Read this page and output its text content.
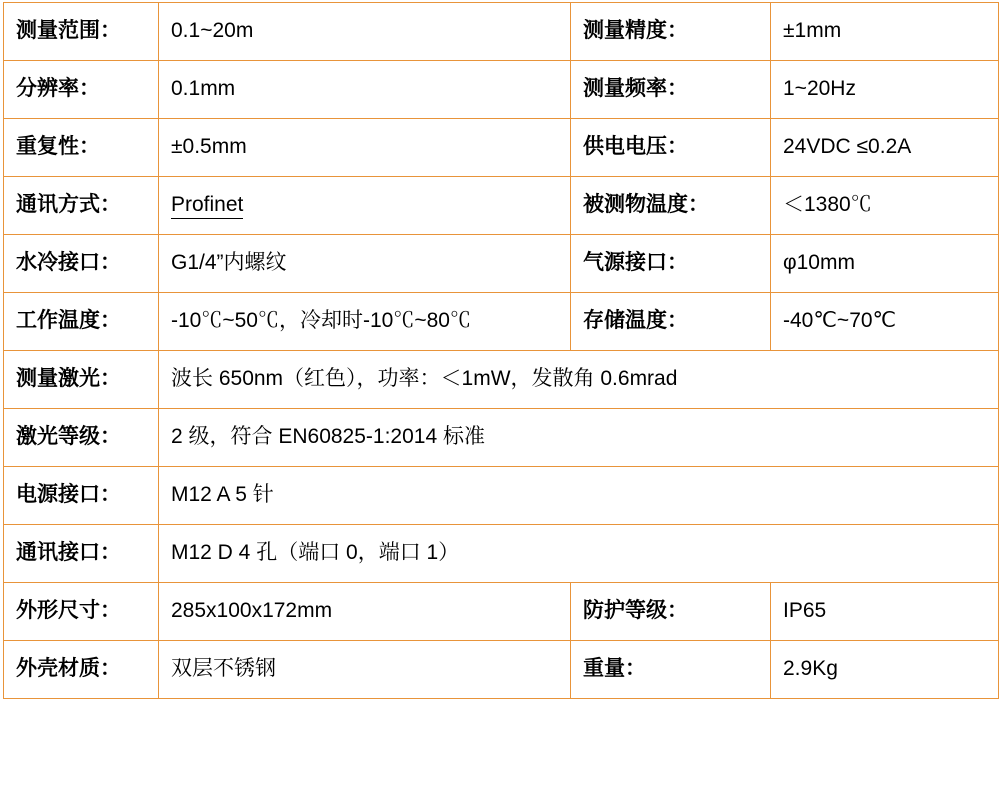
测量范围：	0.1~20m	测量精度：	±1mm
分辨率：	0.1mm	测量频率：	1~20Hz
重复性：	±0.5mm	供电电压：	24VDC ≤0.2A
通讯方式：	Profinet	被测物温度：	＜1380℃
水冷接口：	G1/4”内螺纹	气源接口：	φ10mm
工作温度：	-10℃~50℃，冷却时-10℃~80℃	存储温度：	-40℃~70℃
测量激光：	波长 650nm（红色），功率：＜1mW，发散角 0.6mrad		
激光等级：	2 级，符合 EN60825-1:2014 标准		
电源接口：	M12 A 5 针		
通讯接口：	M12 D 4 孔（端口 0，端口 1）		
外形尺寸：	285x100x172mm	防护等级：	IP65
外壳材质：	双层不锈钢	重量：	2.9Kg
